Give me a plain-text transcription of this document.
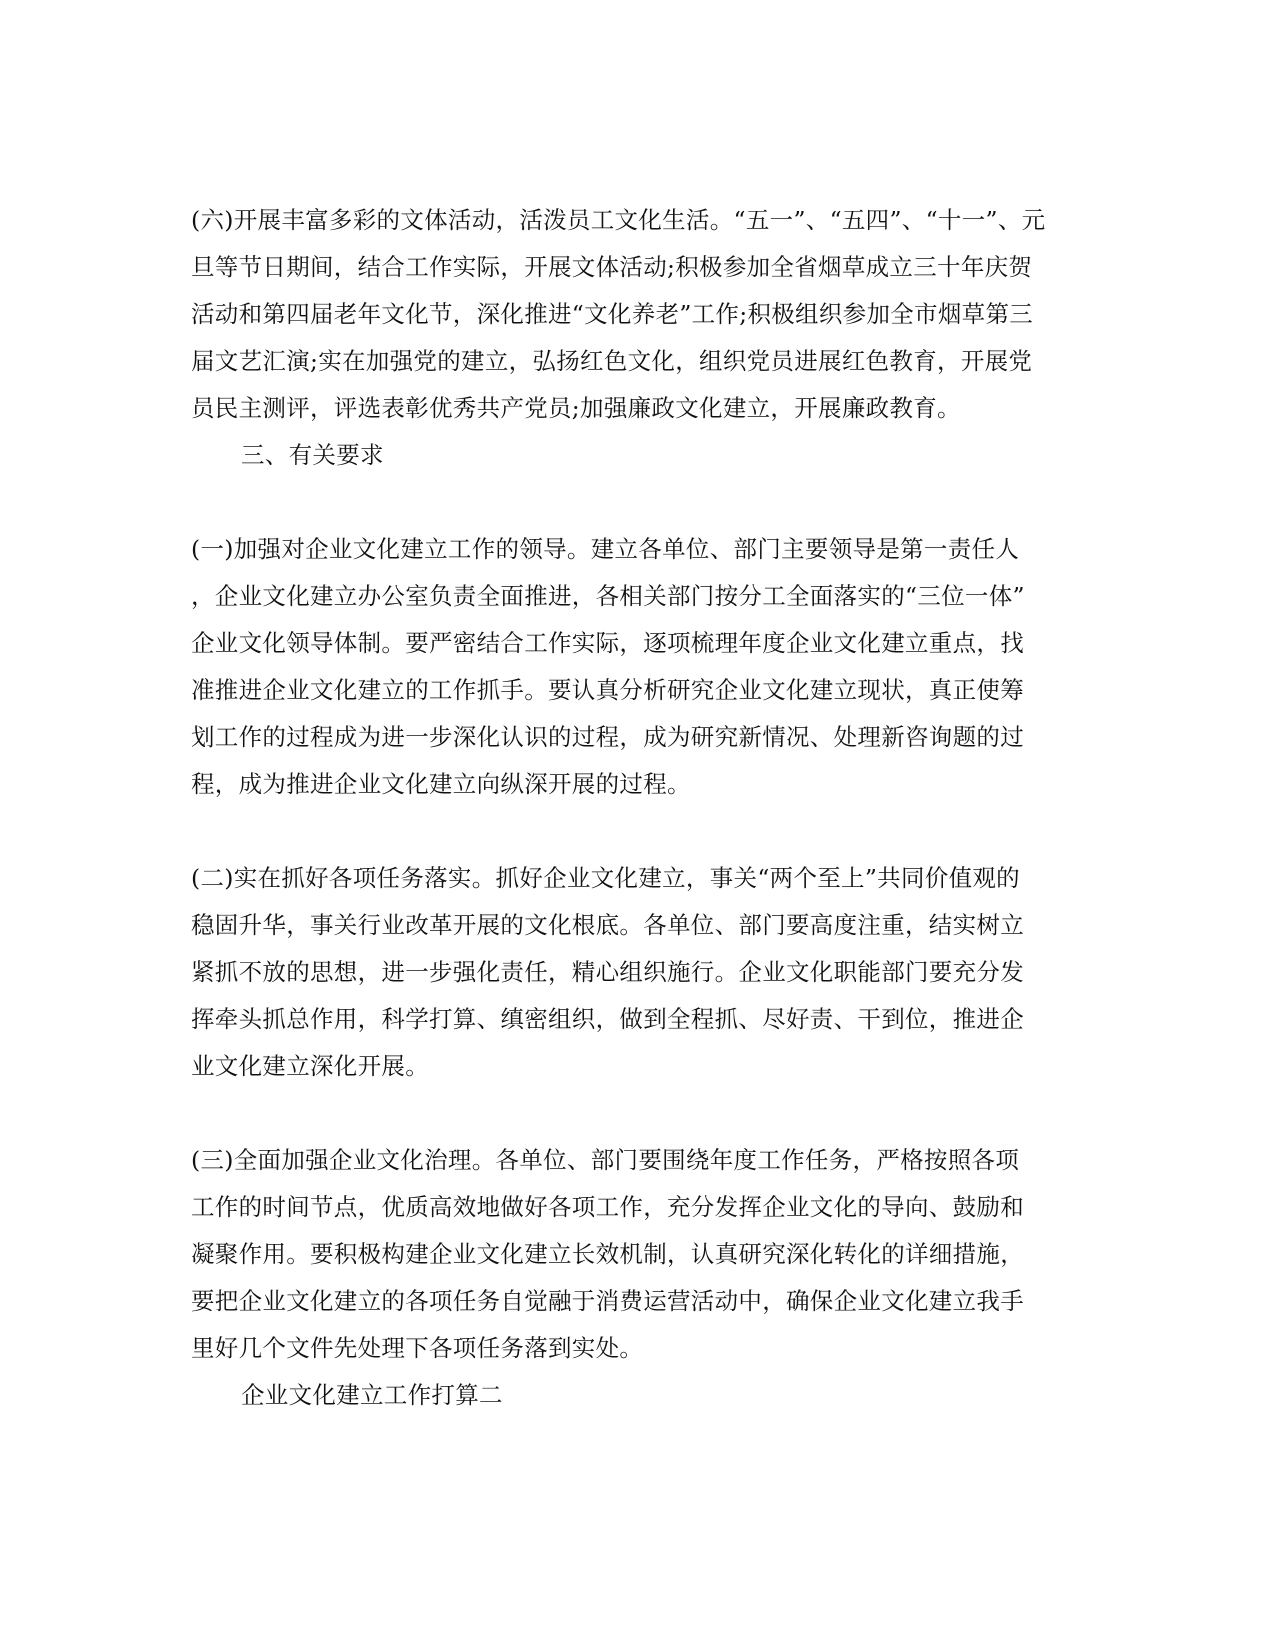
(六)开展丰富多彩的文体活动，活泼员工文化生活。“五一”、“五四”、“十一”、元
旦等节日期间，结合工作实际，开展文体活动;积极参加全省烟草成立三十年庆贺
活动和第四届老年文化节，深化推进“文化养老”工作;积极组织参加全市烟草第三
届文艺汇演;实在加强党的建立，弘扬红色文化，组织党员进展红色教育，开展党
员民主测评，评选表彰优秀共产党员;加强廉政文化建立，开展廉政教育。
三、有关要求
(一)加强对企业文化建立工作的领导。建立各单位、部门主要领导是第一责任人
，企业文化建立办公室负责全面推进，各相关部门按分工全面落实的“三位一体”
企业文化领导体制。要严密结合工作实际，逐项梳理年度企业文化建立重点，找
准推进企业文化建立的工作抓手。要认真分析研究企业文化建立现状，真正使筹
划工作的过程成为进一步深化认识的过程，成为研究新情况、处理新咨询题的过
程，成为推进企业文化建立向纵深开展的过程。
(二)实在抓好各项任务落实。抓好企业文化建立，事关“两个至上”共同价值观的
稳固升华，事关行业改革开展的文化根底。各单位、部门要高度注重，结实树立
紧抓不放的思想，进一步强化责任，精心组织施行。企业文化职能部门要充分发
挥牵头抓总作用，科学打算、缜密组织，做到全程抓、尽好责、干到位，推进企
业文化建立深化开展。
(三)全面加强企业文化治理。各单位、部门要围绕年度工作任务，严格按照各项
工作的时间节点，优质高效地做好各项工作，充分发挥企业文化的导向、鼓励和
凝聚作用。要积极构建企业文化建立长效机制，认真研究深化转化的详细措施，
要把企业文化建立的各项任务自觉融于消费运营活动中，确保企业文化建立我手
里好几个文件先处理下各项任务落到实处。
企业文化建立工作打算二
